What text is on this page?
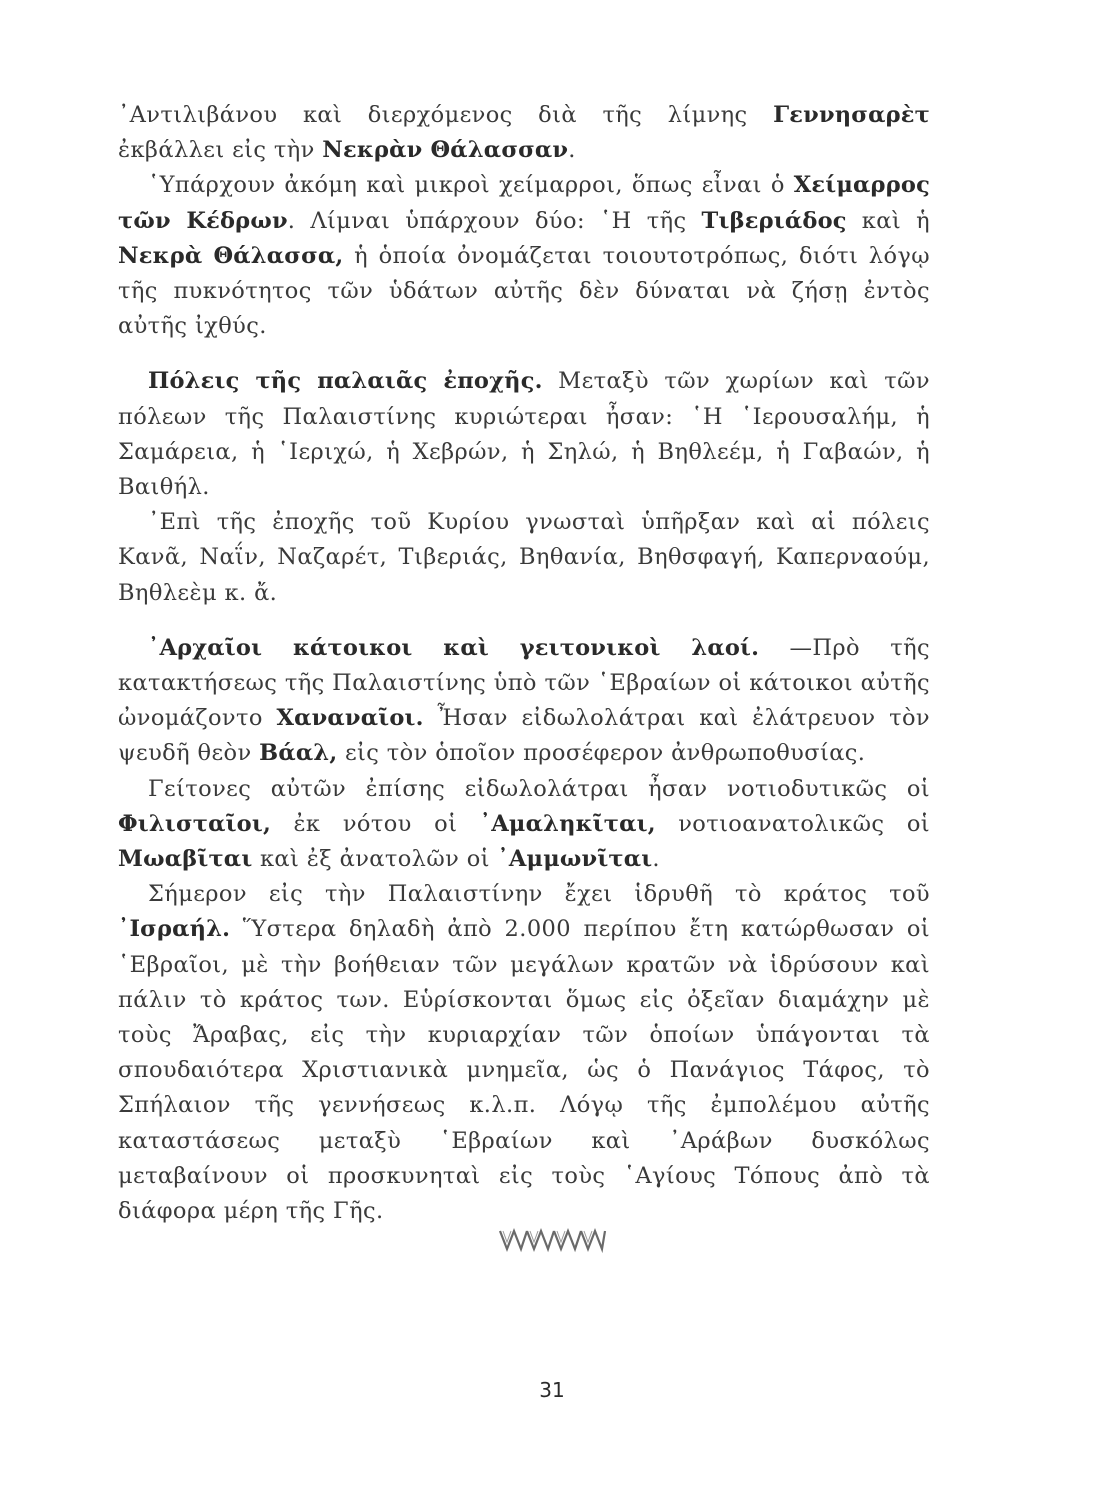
᾿Αντιλιβάνου καὶ διερχόμενος διὰ τῆς λίμνης Γεννησαρὲτ ἐκβάλλει εἰς τὴν Νεκρὰν Θάλασσαν.

῾Υπάρχουν ἀκόμη καὶ μικροὶ χείμαρροι, ὅπως εἶναι ὁ Χείμαρρος τῶν Κέδρων. Λίμναι ὑπάρχουν δύο: ῾Η τῆς Τιβεριάδος καὶ ἡ Νεκρὰ Θάλασσα, ἡ ὁποία ὀνομάζεται τοιουτοτρόπως, διότι λόγῳ τῆς πυκνότητος τῶν ὑδάτων αὐτῆς δὲν δύναται νὰ ζήσῃ ἐντὸς αὐτῆς ἰχθύς.

Πόλεις τῆς παλαιᾶς ἐποχῆς. Μεταξὺ τῶν χωρίων καὶ τῶν πόλεων τῆς Παλαιστίνης κυριώτεραι ἦσαν: ῾Η ῾Ιερουσαλήμ, ἡ Σαμάρεια, ἡ ῾Ιεριχώ, ἡ Χεβρών, ἡ Σηλώ, ἡ Βηθλεέμ, ἡ Γαβαών, ἡ Βαιθήλ.

᾿Επὶ τῆς ἐποχῆς τοῦ Κυρίου γνωσταὶ ὑπῆρξαν καὶ αἱ πόλεις Κανᾶ, Ναΐν, Ναζαρέτ, Τιβεριάς, Βηθανία, Βηθσφαγή, Καπερναούμ, Βηθλεὲμ κ. ἄ.

᾿Αρχαῖοι κάτοικοι καὶ γειτονικοὶ λαοί. —Πρὸ τῆς κατακτήσεως τῆς Παλαιστίνης ὑπὸ τῶν ῾Εβραίων οἱ κάτοικοι αὐτῆς ὠνομάζοντο Χαναναῖοι. Ἦσαν εἰδωλολάτραι καὶ ἐλάτρευον τὸν ψευδῆ θεὸν Βάαλ, εἰς τὸν ὁποῖον προσέφερον ἀνθρωποθυσίας.

Γείτονες αὐτῶν ἐπίσης εἰδωλολάτραι ἦσαν νοτιοδυτικῶς οἱ Φιλισταῖοι, ἐκ νότου οἱ ᾿Αμαληκῖται, νοτιοανατολικῶς οἱ Μωαβῖται καὶ ἐξ ἀνατολῶν οἱ ᾿Αμμωνῖται.

Σήμερον εἰς τὴν Παλαιστίνην ἔχει ἱδρυθῆ τὸ κράτος τοῦ ᾿Ισραήλ. Ὕστερα δηλαδὴ ἀπὸ 2.000 περίπου ἔτη κατώρθωσαν οἱ ῾Εβραῖοι, μὲ τὴν βοήθειαν τῶν μεγάλων κρατῶν νὰ ἱδρύσουν καὶ πάλιν τὸ κράτος των. Εὑρίσκονται ὅμως εἰς ὀξεῖαν διαμάχην μὲ τοὺς Ἄραβας, εἰς τὴν κυριαρχίαν τῶν ὁποίων ὑπάγονται τὰ σπουδαιότερα Χριστιανικὰ μνημεῖα, ὡς ὁ Πανάγιος Τάφος, τὸ Σπήλαιον τῆς γεννήσεως κ.λ.π. Λόγῳ τῆς ἐμπολέμου αὐτῆς καταστάσεως μεταξὺ ῾Εβραίων καὶ ᾿Αράβων δυσκόλως μεταβαίνουν οἱ προσκυνηταὶ εἰς τοὺς ῾Αγίους Τόπους ἀπὸ τὰ διάφορα μέρη τῆς Γῆς.

31
